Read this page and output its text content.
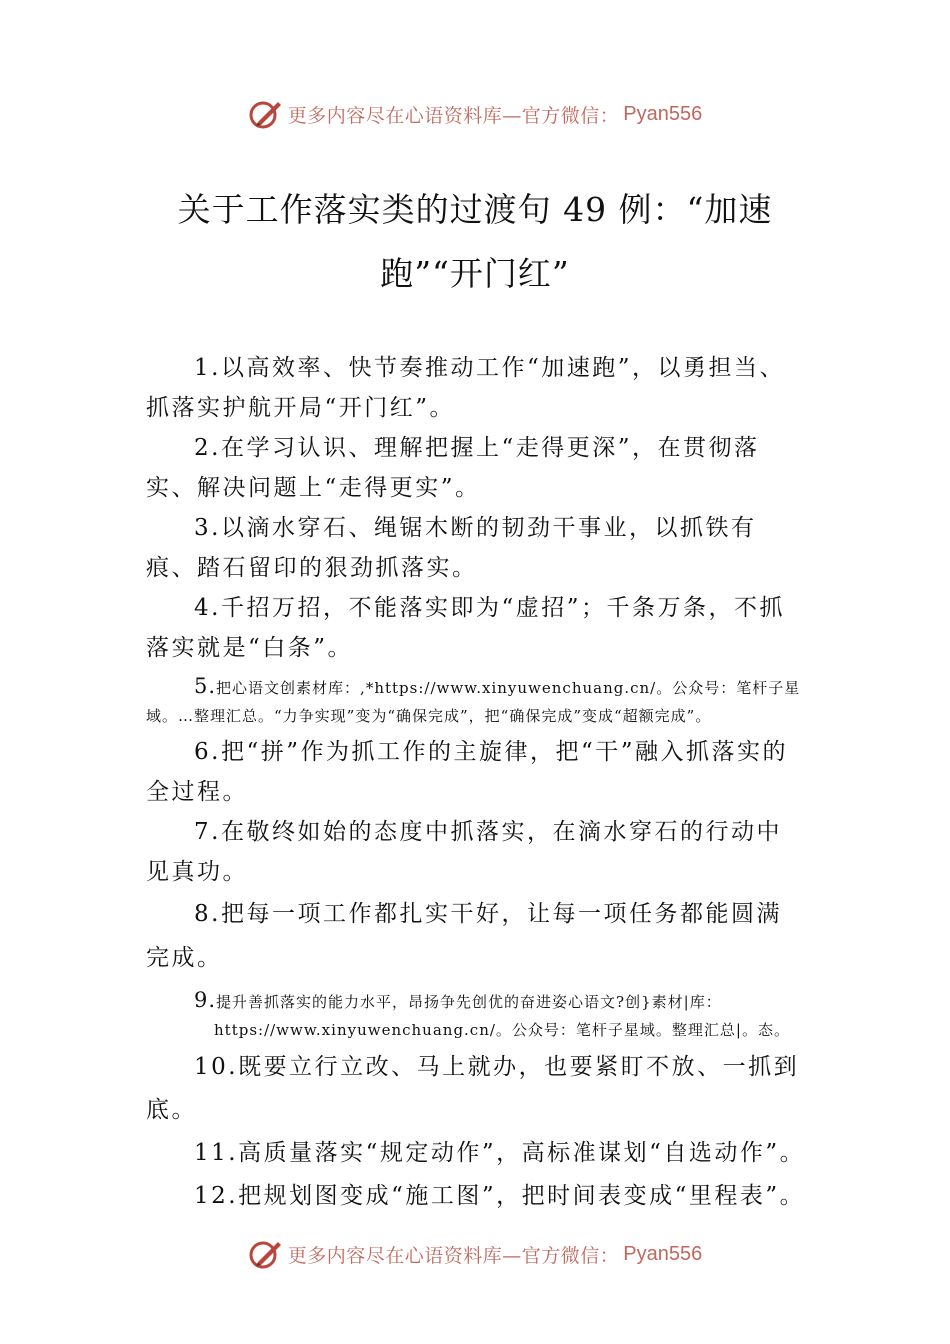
更多内容尽在心语资料库—官方微信： Pyan556
关于工作落实类的过渡句 49 例：“加速跑”“开门红”

1.以高效率、快节奏推动工作“加速跑”，以勇担当、抓落实护航开局“开门红”。

2.在学习认识、理解把握上“走得更深”，在贯彻落实、解决问题上“走得更实”。

3.以滴水穿石、绳锯木断的韧劲干事业，以抓铁有痕、踏石留印的狠劲抓落实。

4.千招万招，不能落实即为“虚招”；千条万条，不抓落实就是“白条”。

5.把心语文创素材库：,*https://www.xinyuwenchuang.cn/。公众号：笔杆子星域。…整理汇总。“力争实现”变为“确保完成”，把“确保完成”变成“超额完成”。

6.把“拼”作为抓工作的主旋律，把“干”融入抓落实的全过程。

7.在敬终如始的态度中抓落实，在滴水穿石的行动中见真功。

8.把每一项工作都扎实干好，让每一项任务都能圆满完成。

9.提升善抓落实的能力水平，昂扬争先创优的奋进姿心语文?创}素材|库：
https://www.xinyuwenchuang.cn/。公众号：笔杆子星域。整理汇总|。态。

10.既要立行立改、马上就办，也要紧盯不放、一抓到底。

11.高质量落实“规定动作”，高标准谋划“自选动作”。

12.把规划图变成“施工图”，把时间表变成“里程表”。

更多内容尽在心语资料库—官方微信： Pyan556
